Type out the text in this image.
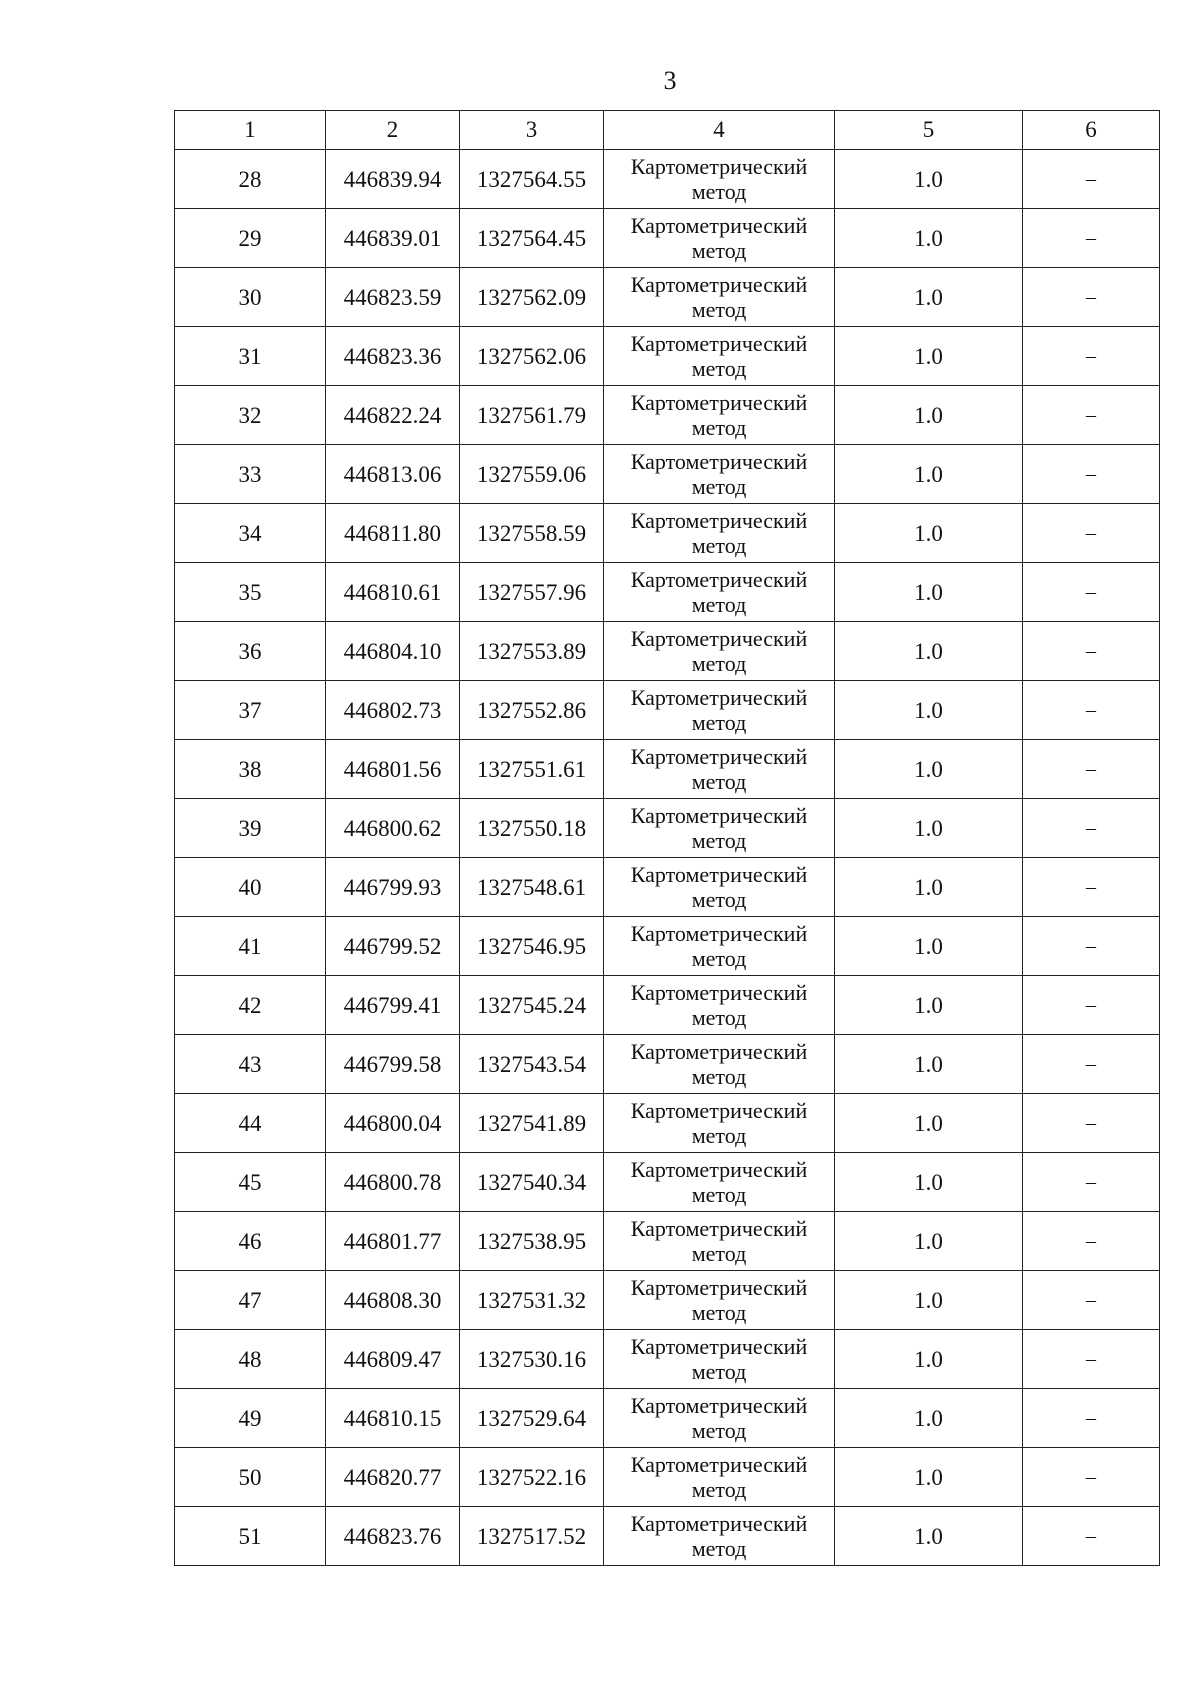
3
1	2	3	4	5	6
28	446839.94	1327564.55	Картометрический метод	1.0	–
29	446839.01	1327564.45	Картометрический метод	1.0	–
30	446823.59	1327562.09	Картометрический метод	1.0	–
31	446823.36	1327562.06	Картометрический метод	1.0	–
32	446822.24	1327561.79	Картометрический метод	1.0	–
33	446813.06	1327559.06	Картометрический метод	1.0	–
34	446811.80	1327558.59	Картометрический метод	1.0	–
35	446810.61	1327557.96	Картометрический метод	1.0	–
36	446804.10	1327553.89	Картометрический метод	1.0	–
37	446802.73	1327552.86	Картометрический метод	1.0	–
38	446801.56	1327551.61	Картометрический метод	1.0	–
39	446800.62	1327550.18	Картометрический метод	1.0	–
40	446799.93	1327548.61	Картометрический метод	1.0	–
41	446799.52	1327546.95	Картометрический метод	1.0	–
42	446799.41	1327545.24	Картометрический метод	1.0	–
43	446799.58	1327543.54	Картометрический метод	1.0	–
44	446800.04	1327541.89	Картометрический метод	1.0	–
45	446800.78	1327540.34	Картометрический метод	1.0	–
46	446801.77	1327538.95	Картометрический метод	1.0	–
47	446808.30	1327531.32	Картометрический метод	1.0	–
48	446809.47	1327530.16	Картометрический метод	1.0	–
49	446810.15	1327529.64	Картометрический метод	1.0	–
50	446820.77	1327522.16	Картометрический метод	1.0	–
51	446823.76	1327517.52	Картометрический метод	1.0	–
